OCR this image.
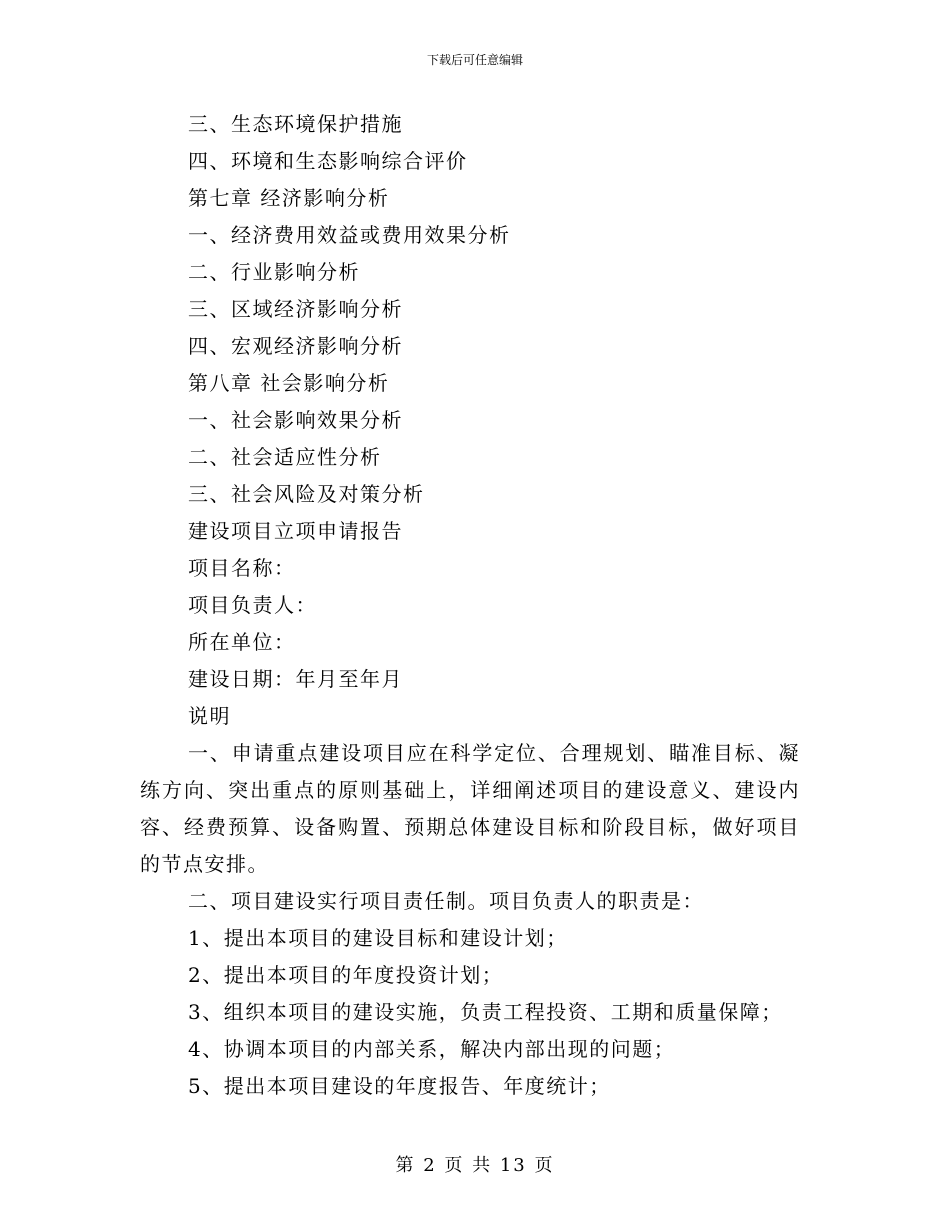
下载后可任意编辑
三、生态环境保护措施
四、环境和生态影响综合评价
第七章 经济影响分析
一、经济费用效益或费用效果分析
二、行业影响分析
三、区域经济影响分析
四、宏观经济影响分析
第八章 社会影响分析
一、社会影响效果分析
二、社会适应性分析
三、社会风险及对策分析
建设项目立项申请报告
项目名称：
项目负责人：
所在单位：
建设日期：年月至年月
说明
一、申请重点建设项目应在科学定位、合理规划、瞄准目标、凝练方向、突出重点的原则基础上，详细阐述项目的建设意义、建设内容、经费预算、设备购置、预期总体建设目标和阶段目标，做好项目的节点安排。
二、项目建设实行项目责任制。项目负责人的职责是：
1、提出本项目的建设目标和建设计划；
2、提出本项目的年度投资计划；
3、组织本项目的建设实施，负责工程投资、工期和质量保障；
4、协调本项目的内部关系，解决内部出现的问题；
5、提出本项目建设的年度报告、年度统计；
第 2 页 共 13 页
